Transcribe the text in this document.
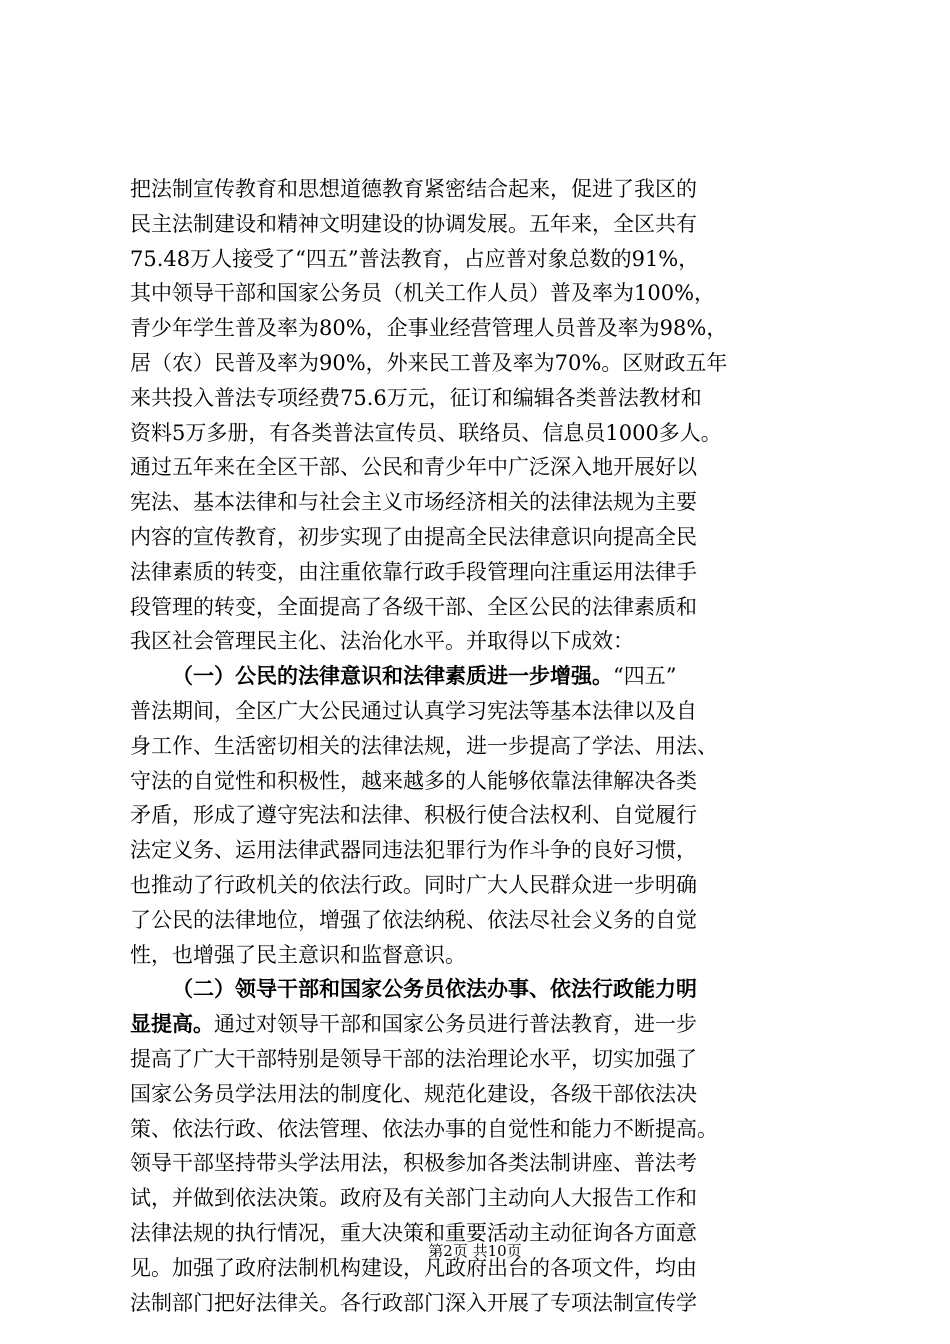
把法制宣传教育和思想道德教育紧密结合起来，促进了我区的
民主法制建设和精神文明建设的协调发展。五年来，全区共有
75.48万人接受了“四五”普法教育，占应普对象总数的91%，
其中领导干部和国家公务员（机关工作人员）普及率为100%，
青少年学生普及率为80%，企事业经营管理人员普及率为98%，
居（农）民普及率为90%，外来民工普及率为70%。区财政五年
来共投入普法专项经费75.6万元，征订和编辑各类普法教材和
资料5万多册，有各类普法宣传员、联络员、信息员1000多人。
通过五年来在全区干部、公民和青少年中广泛深入地开展好以
宪法、基本法律和与社会主义市场经济相关的法律法规为主要
内容的宣传教育，初步实现了由提高全民法律意识向提高全民
法律素质的转变，由注重依靠行政手段管理向注重运用法律手
段管理的转变，全面提高了各级干部、全区公民的法律素质和
我区社会管理民主化、法治化水平。并取得以下成效：
（一）公民的法律意识和法律素质进一步增强。“四五”
普法期间，全区广大公民通过认真学习宪法等基本法律以及自
身工作、生活密切相关的法律法规，进一步提高了学法、用法、
守法的自觉性和积极性，越来越多的人能够依靠法律解决各类
矛盾，形成了遵守宪法和法律、积极行使合法权利、自觉履行
法定义务、运用法律武器同违法犯罪行为作斗争的良好习惯，
也推动了行政机关的依法行政。同时广大人民群众进一步明确
了公民的法律地位，增强了依法纳税、依法尽社会义务的自觉
性，也增强了民主意识和监督意识。
（二）领导干部和国家公务员依法办事、依法行政能力明
显提高。通过对领导干部和国家公务员进行普法教育，进一步
提高了广大干部特别是领导干部的法治理论水平，切实加强了
国家公务员学法用法的制度化、规范化建设，各级干部依法决
策、依法行政、依法管理、依法办事的自觉性和能力不断提高。
领导干部坚持带头学法用法，积极参加各类法制讲座、普法考
试，并做到依法决策。政府及有关部门主动向人大报告工作和
法律法规的执行情况，重大决策和重要活动主动征询各方面意
见。加强了政府法制机构建设，凡政府出台的各项文件，均由
法制部门把好法律关。各行政部门深入开展了专项法制宣传学
第2页 共10页
